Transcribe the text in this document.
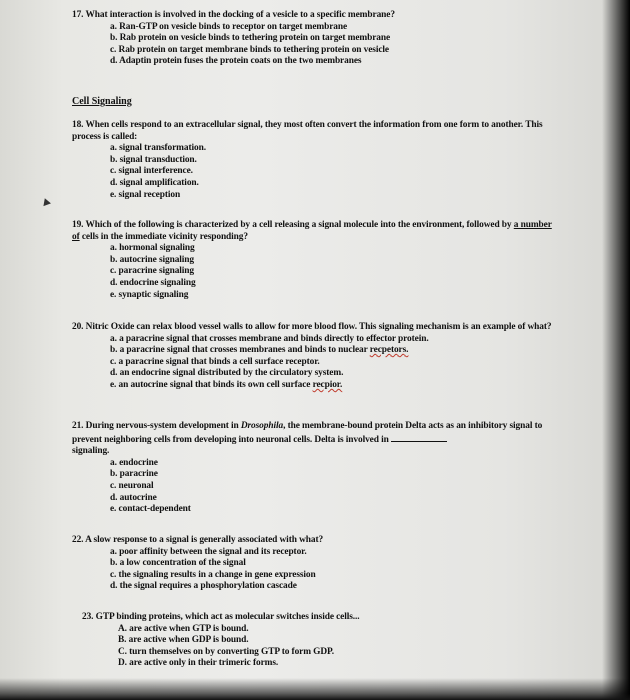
17. What interaction is involved in the docking of a vesicle to a specific membrane?

a. Ran-GTP on vesicle binds to receptor on target membrane
b. Rab protein on vesicle binds to tethering protein on target membrane
c. Rab protein on target membrane binds to tethering protein on vesicle
d. Adaptin protein fuses the protein coats on the two membranes
Cell Signaling

18. When cells respond to an extracellular signal, they most often convert the information from one form to another. This process is called:

a. signal transformation.
b. signal transduction.
c. signal interference.
d. signal amplification.
e. signal reception

19. Which of the following is characterized by a cell releasing a signal molecule into the environment, followed by a number of cells in the immediate vicinity responding?

a. hormonal signaling
b. autocrine signaling
c. paracrine signaling
d. endocrine signaling
e. synaptic signaling

20. Nitric Oxide can relax blood vessel walls to allow for more blood flow. This signaling mechanism is an example of what?

a. a paracrine signal that crosses membrane and binds directly to effector protein.
b. a paracrine signal that crosses membranes and binds to nuclear recpetors.
c. a paracrine signal that binds a cell surface receptor.
d. an endocrine signal distributed by the circulatory system.
e. an autocrine signal that binds its own cell surface recpior.

21. During nervous-system development in Drosophila, the membrane-bound protein Delta acts as an inhibitory signal to prevent neighboring cells from developing into neuronal cells. Delta is involved in
signaling.

a. endocrine
b. paracrine
c. neuronal
d. autocrine
e. contact-dependent

22. A slow response to a signal is generally associated with what?

a. poor affinity between the signal and its receptor.
b. a low concentration of the signal
c. the signaling results in a change in gene expression
d. the signal requires a phosphorylation cascade

23. GTP binding proteins, which act as molecular switches inside cells...

A. are active when GTP is bound.
B. are active when GDP is bound.
C. turn themselves on by converting GTP to form GDP.
D. are active only in their trimeric forms.
